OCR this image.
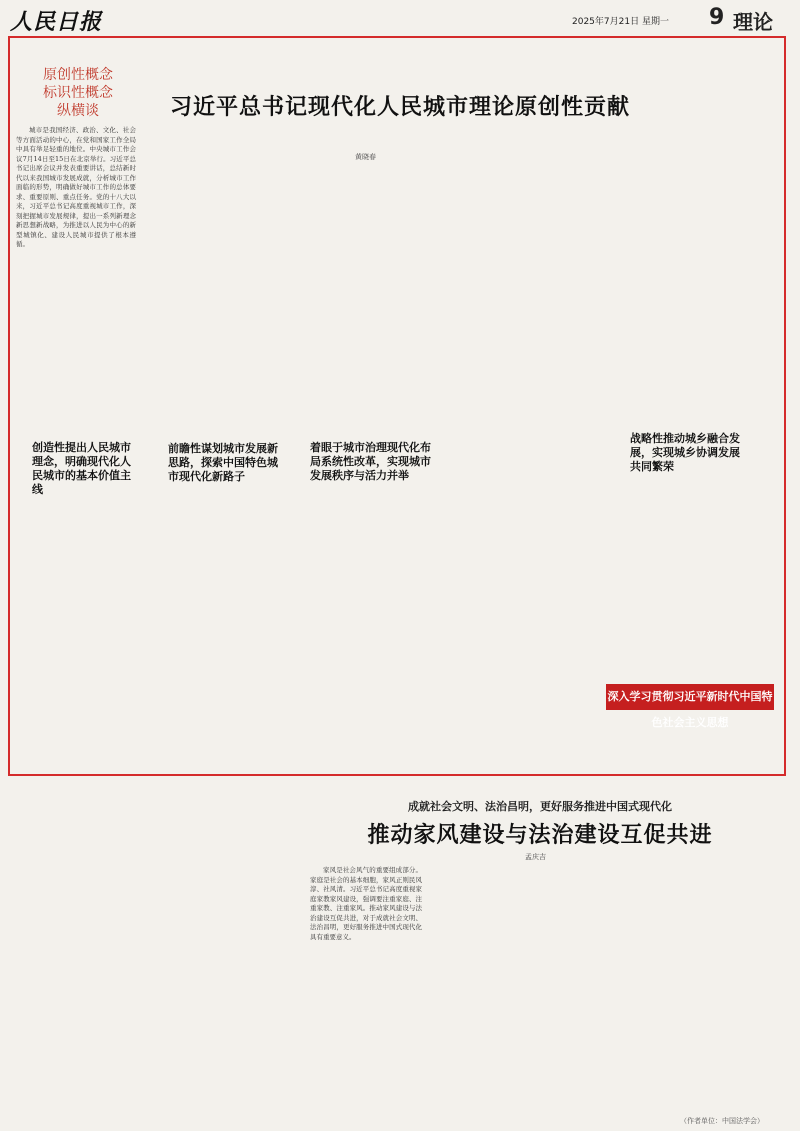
人民日报	2025年7月21日 星期一 9 理论
原创性概念
标识性概念
纵横谈	习近平总书记现代化人民城市理论原创性贡献
黄晓春

城市是我国经济、政治、文化、社会等方面活动的中心，在党和国家工作全局中具有举足轻重的地位。中央城市工作会议7月14日至15日在北京举行。习近平总书记出席会议并发表重要讲话，总结新时代以来我国城市发展成就，分析城市工作面临的形势，明确做好城市工作的总体要求、重要原则、重点任务。党的十八大以来，习近平总书记高度重视城市工作，深刻把握城市发展规律，提出一系列新理念新思想新战略，为推进以人民为中心的新型城镇化、建设人民城市提供了根本遵循。

创造性提出人民城市理念，明确现代化人民城市的基本价值主线
前瞻性谋划城市发展新思路，探索中国特色城市现代化新路子
着眼于城市治理现代化布局系统性改革，实现城市发展秩序与活力并举
战略性推动城乡融合发展，实现城乡协调发展共同繁荣
深入学习贯彻习近平新时代中国特色社会主义思想
成就社会文明、法治昌明，更好服务推进中国式现代化
推动家风建设与法治建设互促共进
孟庆吉

家风是社会风气的重要组成部分。家庭是社会的基本细胞，家风正则民风淳、社风清。习近平总书记高度重视家庭家教家风建设，强调要注重家庭、注重家教、注重家风。推动家风建设与法治建设互促共进，对于成就社会文明、法治昌明，更好服务推进中国式现代化具有重要意义。

（作者单位：中国法学会）
